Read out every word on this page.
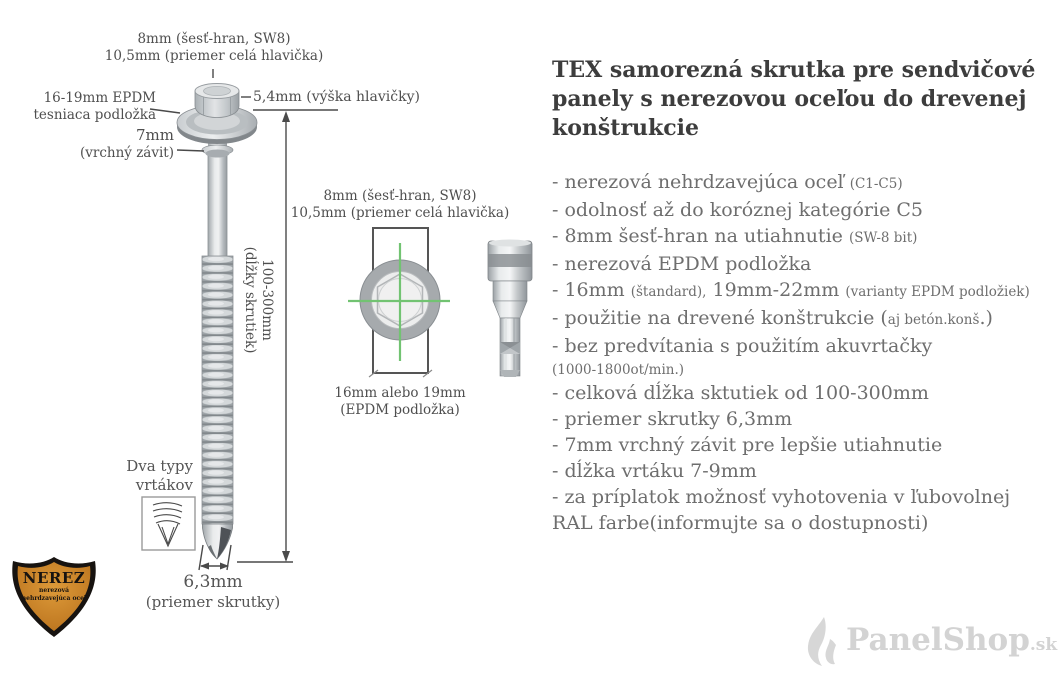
8mm (šesť-hran, SW8)
10,5mm (priemer celá hlavička)
16-19mm EPDM
tesniaca podložka
5,4mm (výška hlavičky)
7mm
(vrchný závit)
100-300mm
(dĺžky skrutiek)
Dva typy
vrtákov
6,3mm
(priemer skrutky)
8mm (šesť-hran, SW8)
10,5mm (priemer celá hlavička)
16mm alebo 19mm
(EPDM podložka)
TEX samorezná skrutka pre sendvičové panely s nerezovou oceľou do drevenej konštrukcie
- nerezová nehrdzavejúca oceľ (C1-C5)
- odolnosť až do koróznej kategórie C5
- 8mm šesť-hran na utiahnutie (SW-8 bit)
- nerezová EPDM podložka
- 16mm (štandard), 19mm-22mm (varianty EPDM podložiek)
- použitie na drevené konštrukcie (aj betón.konš.)
- bez predvítania s použitím akuvrtačky
(1000-1800ot/min.)
- celková dĺžka sktutiek od 100-300mm
- priemer skrutky 6,3mm
- 7mm vrchný závit pre lepšie utiahnutie
- dĺžka vrtáku 7-9mm
- za príplatok možnosť vyhotovenia v ľubovolnej RAL farbe(informujte sa o dostupnosti)
NEREZ
nerezová
nehrdzavejúca oceľ
PanelShop.sk
